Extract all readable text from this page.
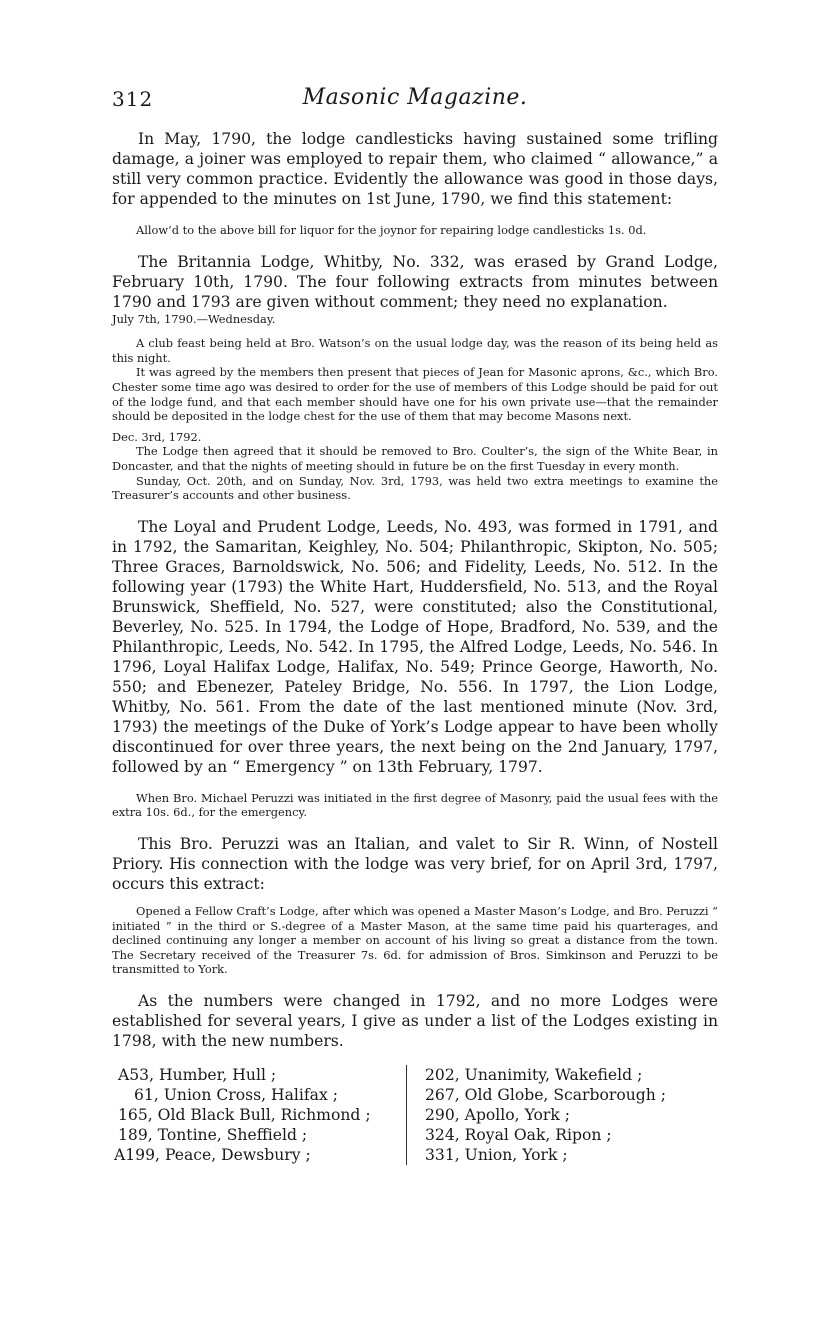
312	Masonic Magazine.

In May, 1790, the lodge candlesticks having sustained some trifling damage, a joiner was employed to repair them, who claimed “ allowance,” a still very common practice. Evidently the allowance was good in those days, for appended to the minutes on 1st June, 1790, we find this statement:

Allow’d to the above bill for liquor for the joynor for repairing lodge candlesticks 1s. 0d.

The Britannia Lodge, Whitby, No. 332, was erased by Grand Lodge, February 10th, 1790. The four following extracts from minutes between 1790 and 1793 are given without comment; they need no explanation.

July 7th, 1790.—Wednesday.

A club feast being held at Bro. Watson’s on the usual lodge day, was the reason of its being held as this night.

It was agreed by the members then present that pieces of Jean for Masonic aprons, &c., which Bro. Chester some time ago was desired to order for the use of members of this Lodge should be paid for out of the lodge fund, and that each member should have one for his own private use—that the remainder should be deposited in the lodge chest for the use of them that may become Masons next.

Dec. 3rd, 1792.

The Lodge then agreed that it should be removed to Bro. Coulter’s, the sign of the White Bear, in Doncaster, and that the nights of meeting should in future be on the first Tuesday in every month.

Sunday, Oct. 20th, and on Sunday, Nov. 3rd, 1793, was held two extra meetings to examine the Treasurer’s accounts and other business.

The Loyal and Prudent Lodge, Leeds, No. 493, was formed in 1791, and in 1792, the Samaritan, Keighley, No. 504; Philanthropic, Skipton, No. 505; Three Graces, Barnoldswick, No. 506; and Fidelity, Leeds, No. 512. In the following year (1793) the White Hart, Huddersfield, No. 513, and the Royal Brunswick, Sheffield, No. 527, were constituted; also the Constitutional, Beverley, No. 525. In 1794, the Lodge of Hope, Bradford, No. 539, and the Philanthropic, Leeds, No. 542. In 1795, the Alfred Lodge, Leeds, No. 546. In 1796, Loyal Halifax Lodge, Halifax, No. 549; Prince George, Haworth, No. 550; and Ebenezer, Pateley Bridge, No. 556. In 1797, the Lion Lodge, Whitby, No. 561. From the date of the last mentioned minute (Nov. 3rd, 1793) the meetings of the Duke of York’s Lodge appear to have been wholly discontinued for over three years, the next being on the 2nd January, 1797, followed by an “ Emergency ” on 13th February, 1797.

When Bro. Michael Peruzzi was initiated in the first degree of Masonry, paid the usual fees with the extra 10s. 6d., for the emergency.

This Bro. Peruzzi was an Italian, and valet to Sir R. Winn, of Nostell Priory. His connection with the lodge was very brief, for on April 3rd, 1797, occurs this extract:

Opened a Fellow Craft’s Lodge, after which was opened a Master Mason’s Lodge, and Bro. Peruzzi “ initiated ” in the third or S.-degree of a Master Mason, at the same time paid his quarterages, and declined continuing any longer a member on account of his living so great a distance from the town. The Secretary received of the Treasurer 7s. 6d. for admission of Bros. Simkinson and Peruzzi to be transmitted to York.

As the numbers were changed in 1792, and no more Lodges were established for several years, I give as under a list of the Lodges existing in 1798, with the new numbers.

A53, Humber, Hull ;
61, Union Cross, Halifax ;
165, Old Black Bull, Richmond ;
189, Tontine, Sheffield ;
A199, Peace, Dewsbury ;
202, Unanimity, Wakefield ;
267, Old Globe, Scarborough ;
290, Apollo, York ;
324, Royal Oak, Ripon ;
331, Union, York ;
